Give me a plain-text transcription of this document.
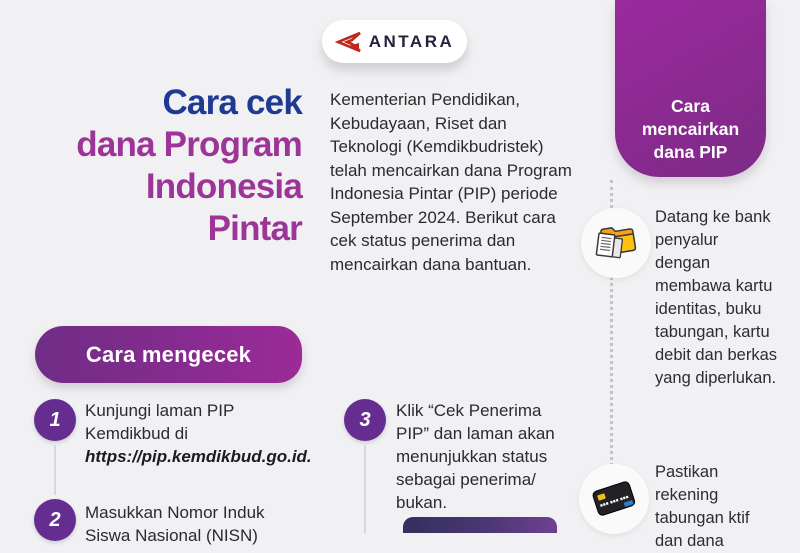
ANTARA
Cara cek
dana Program
Indonesia
Pintar
Kementerian Pendidikan, Kebudayaan, Riset dan Teknologi (Kemdikbudristek) telah mencairkan dana Program Indonesia Pintar (PIP) periode September 2024. Berikut cara cek status penerima dan mencairkan dana bantuan.
Cara mencairkan dana PIP
Datang ke bank penyalur dengan membawa kartu identitas, buku tabungan, kartu debit dan berkas yang diperlukan.
Pastikan rekening tabungan ktif dan dana
Cara mengecek
1 Kunjungi laman PIP Kemdikbud di
https://pip.kemdikbud.go.id.
2 Masukkan Nomor Induk Siswa Nasional (NISN)
3 Klik “Cek Penerima PIP” dan laman akan menunjukkan status sebagai penerima/ bukan.
